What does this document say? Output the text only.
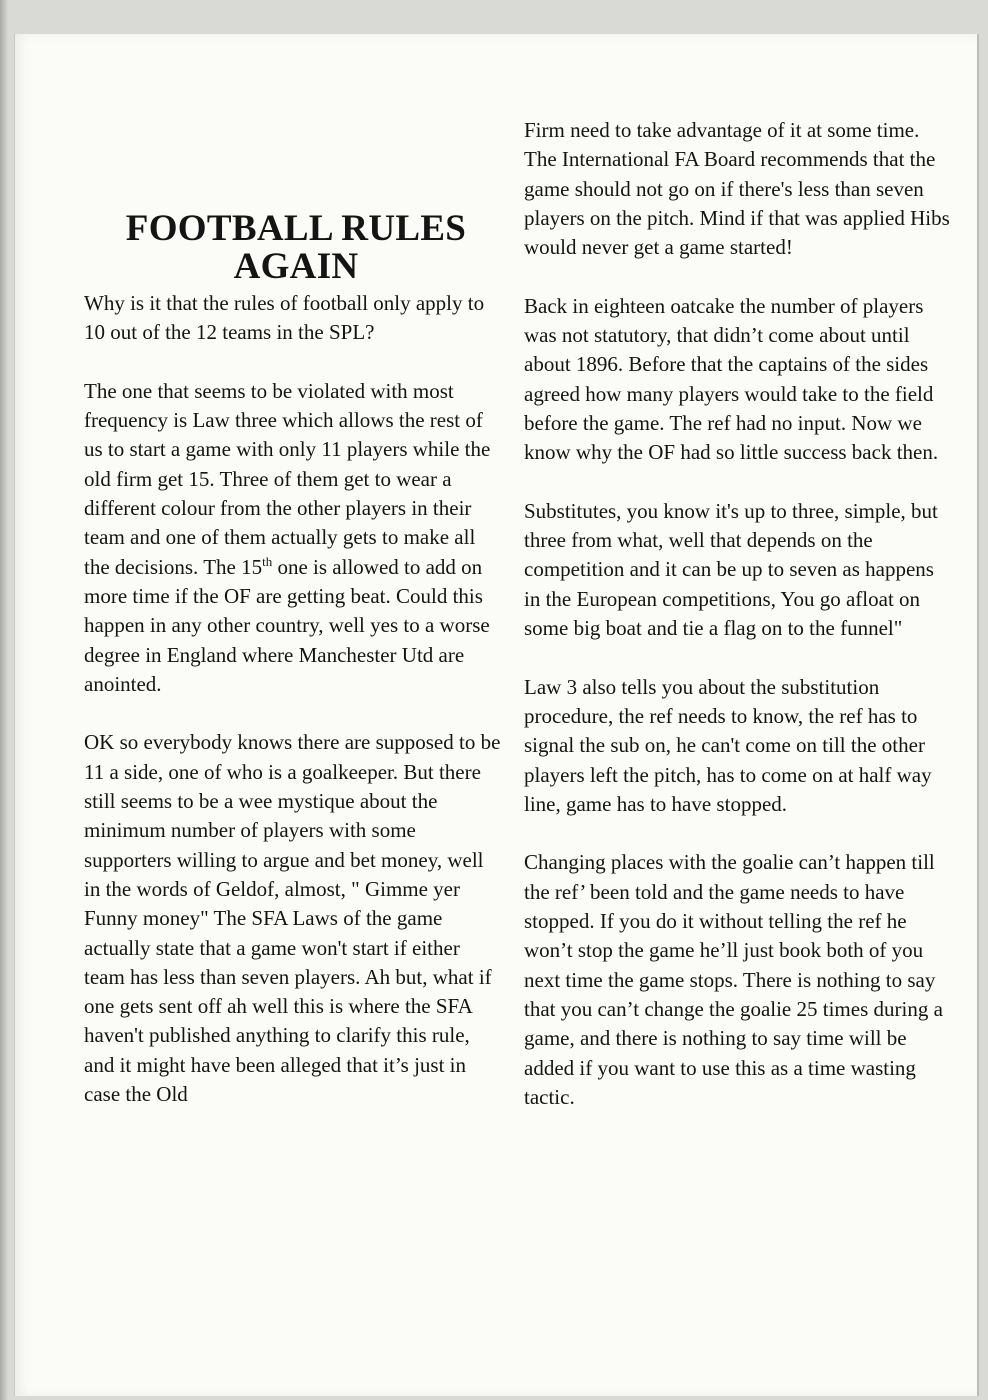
FOOTBALL RULES
AGAIN

Why is it that the rules of football only apply to 10 out of the 12 teams in the SPL?

The one that seems to be violated with most frequency is Law three which allows the rest of us to start a game with only 11 players while the old firm get 15. Three of them get to wear a different colour from the other players in their team and one of them actually gets to make all the decisions. The 15th one is allowed to add on more time if the OF are getting beat. Could this happen in any other country, well yes to a worse degree in England where Manchester Utd are anointed.

OK so everybody knows there are supposed to be 11 a side, one of who is a goalkeeper. But there still seems to be a wee mystique about the minimum number of players with some supporters willing to argue and bet money, well in the words of Geldof, almost, " Gimme yer Funny money" The SFA Laws of the game actually state that a game won't start if either team has less than seven players. Ah but, what if one gets sent off ah well this is where the SFA haven't published anything to clarify this rule, and it might have been alleged that it’s just in case the Old

Firm need to take advantage of it at some time. The International FA Board recommends that the game should not go on if there's less than seven players on the pitch. Mind if that was applied Hibs would never get a game started!

Back in eighteen oatcake the number of players was not statutory, that didn’t come about until about 1896. Before that the captains of the sides agreed how many players would take to the field before the game. The ref had no input. Now we know why the OF had so little success back then.

Substitutes, you know it's up to three, simple, but three from what, well that depends on the competition and it can be up to seven as happens in the European competitions, You go afloat on some big boat and tie a flag on to the funnel"

Law 3 also tells you about the substitution procedure, the ref needs to know, the ref has to signal the sub on, he can't come on till the other players left the pitch, has to come on at half way line, game has to have stopped.

Changing places with the goalie can’t happen till the ref’ been told and the game needs to have stopped. If you do it without telling the ref he won’t stop the game he’ll just book both of you next time the game stops. There is nothing to say that you can’t change the goalie 25 times during a game, and there is nothing to say time will be added if you want to use this as a time wasting tactic.
